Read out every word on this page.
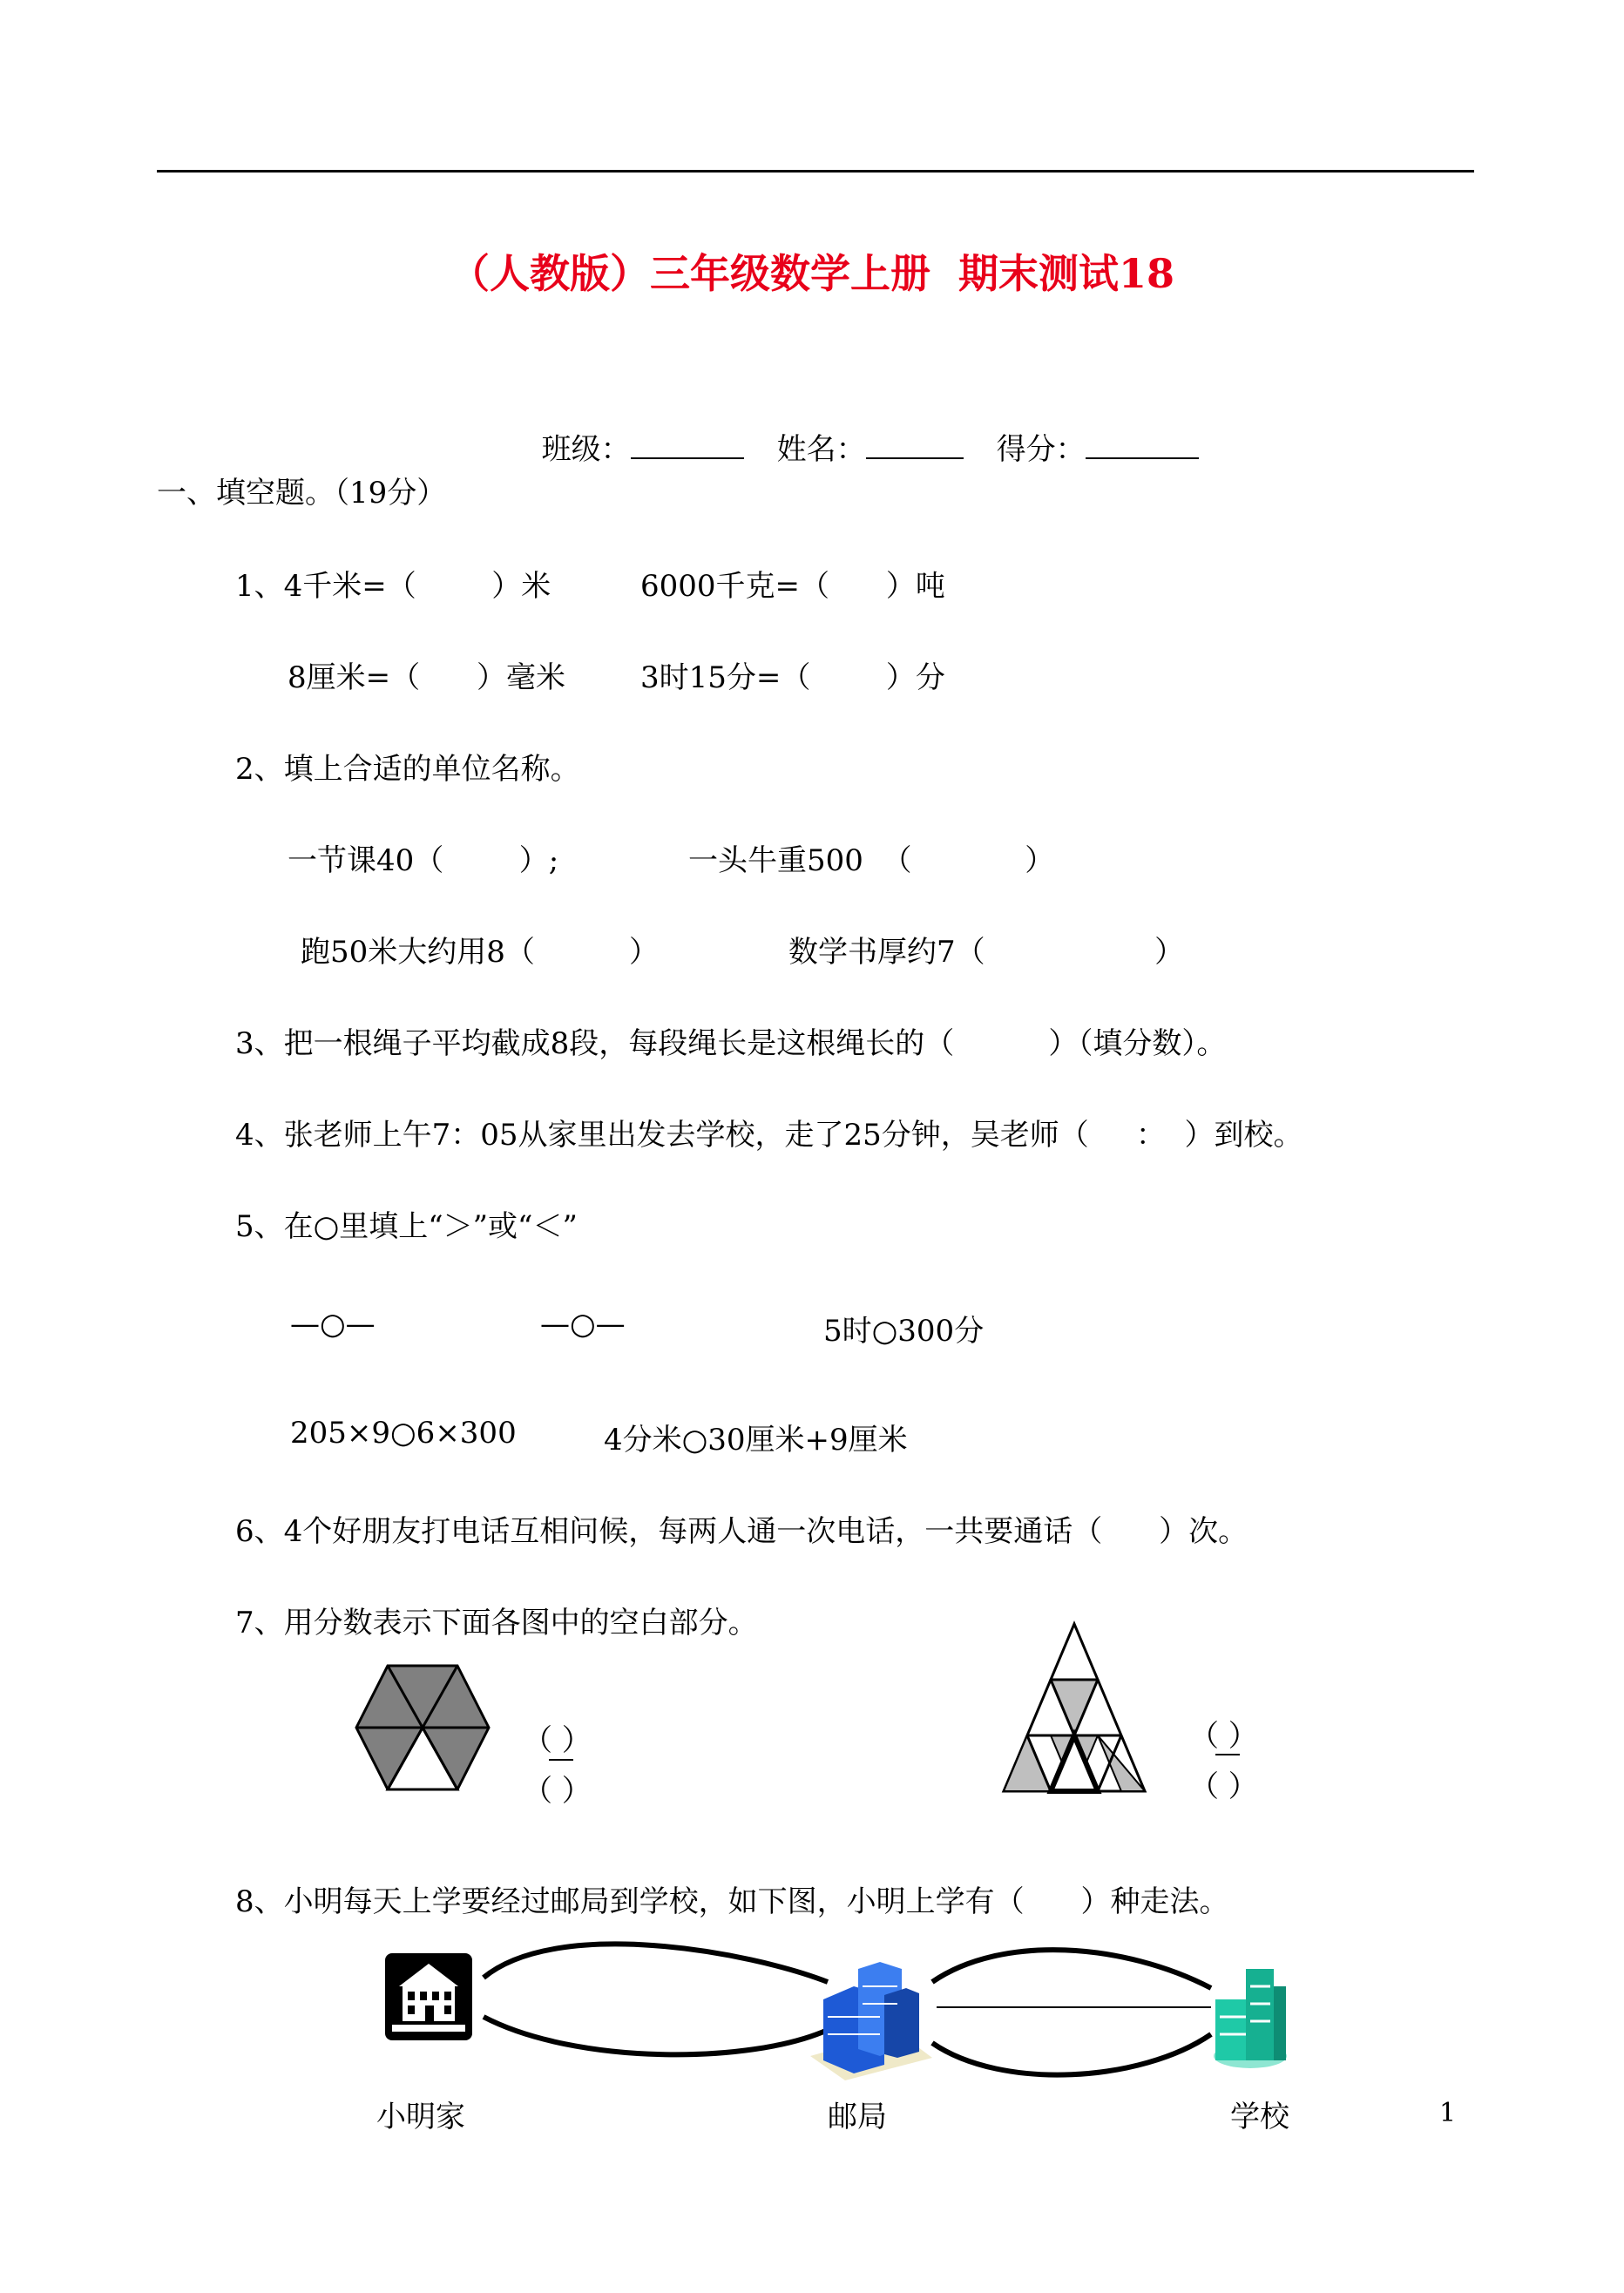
（人教版）三年级数学上册  期末测试18

班级：	姓名：	得分：

一、填空题。（19分）
1、4千米=（        ）米	6000千克=（      ）吨
8厘米=（      ）毫米	3时15分=（        ）分
2、填上合适的单位名称。
一节课40（        ）;	一头牛重500  （            ）
跑50米大约用8（          ）	数学书厚约7（                  ）
3、把一根绳子平均截成8段，每段绳长是这根绳长的（          ）（填分数）。
4、张老师上午7：05从家里出发去学校，走了25分钟，吴老师（     ：  ）到校。
5、在○里填上“＞”或“＜”
—○—	—○—	5时○300分
205×9○6×300	4分米○30厘米+9厘米
6、4个好朋友打电话互相问候，每两人通一次电话，一共要通话（      ）次。
7、用分数表示下面各图中的空白部分。
（ ）
（ ）
（ ）
（ ）
8、小明每天上学要经过邮局到学校，如下图，小明上学有（      ）种走法。
小明家	邮局	学校	1
